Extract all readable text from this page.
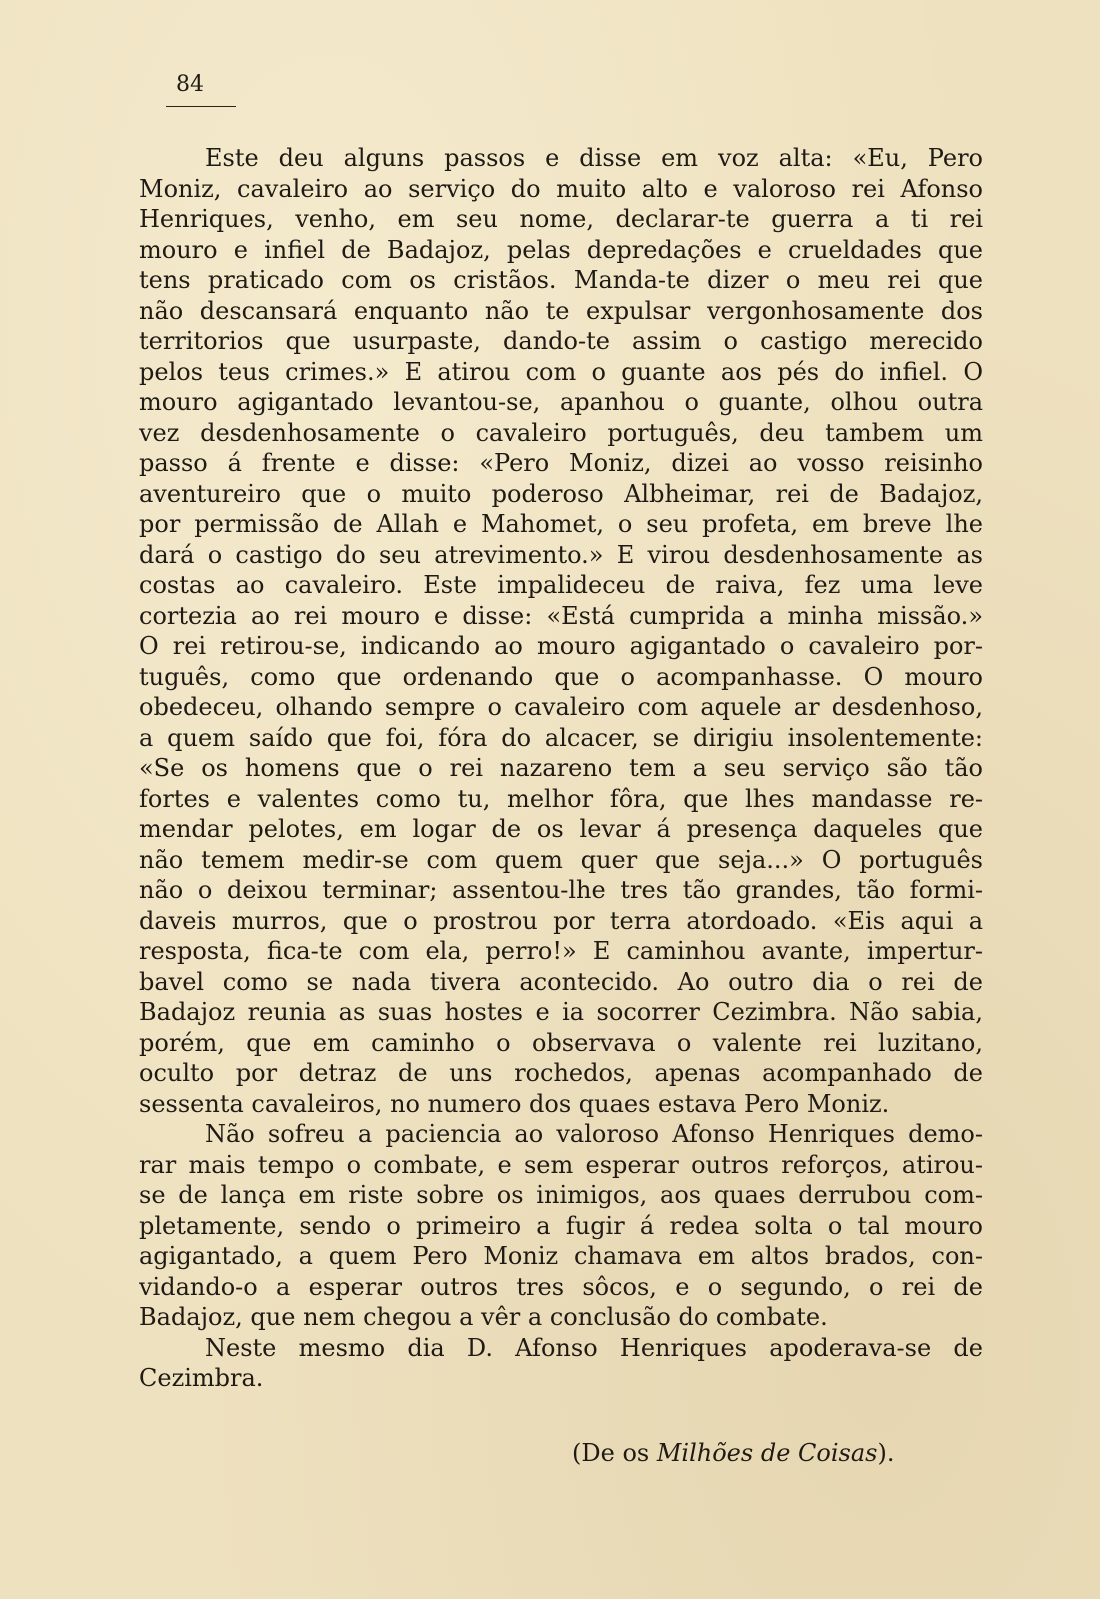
84
Este deu alguns passos e disse em voz alta: «Eu, Pero
Moniz, cavaleiro ao serviço do muito alto e valoroso rei Afonso
Henriques, venho, em seu nome, declarar-te guerra a ti rei
mouro e infiel de Badajoz, pelas depredações e crueldades que
tens praticado com os cristãos. Manda-te dizer o meu rei que
não descansará enquanto não te expulsar vergonhosamente dos
territorios que usurpaste, dando-te assim o castigo merecido
pelos teus crimes.» E atirou com o guante aos pés do infiel. O
mouro agigantado levantou-se, apanhou o guante, olhou outra
vez desdenhosamente o cavaleiro português, deu tambem um
passo á frente e disse: «Pero Moniz, dizei ao vosso reisinho
aventureiro que o muito poderoso Albheimar, rei de Badajoz,
por permissão de Allah e Mahomet, o seu profeta, em breve lhe
dará o castigo do seu atrevimento.» E virou desdenhosamente as
costas ao cavaleiro. Este impalideceu de raiva, fez uma leve
cortezia ao rei mouro e disse: «Está cumprida a minha missão.»
O rei retirou-se, indicando ao mouro agigantado o cavaleiro por-
tuguês, como que ordenando que o acompanhasse. O mouro
obedeceu, olhando sempre o cavaleiro com aquele ar desdenhoso,
a quem saído que foi, fóra do alcacer, se dirigiu insolentemente:
«Se os homens que o rei nazareno tem a seu serviço são tão
fortes e valentes como tu, melhor fôra, que lhes mandasse re-
mendar pelotes, em logar de os levar á presença daqueles que
não temem medir-se com quem quer que seja...» O português
não o deixou terminar; assentou-lhe tres tão grandes, tão formi-
daveis murros, que o prostrou por terra atordoado. «Eis aqui a
resposta, fica-te com ela, perro!» E caminhou avante, impertur-
bavel como se nada tivera acontecido. Ao outro dia o rei de
Badajoz reunia as suas hostes e ia socorrer Cezimbra. Não sabia,
porém, que em caminho o observava o valente rei luzitano,
oculto por detraz de uns rochedos, apenas acompanhado de
sessenta cavaleiros, no numero dos quaes estava Pero Moniz.
Não sofreu a paciencia ao valoroso Afonso Henriques demo-
rar mais tempo o combate, e sem esperar outros reforços, atirou-
se de lança em riste sobre os inimigos, aos quaes derrubou com-
pletamente, sendo o primeiro a fugir á redea solta o tal mouro
agigantado, a quem Pero Moniz chamava em altos brados, con-
vidando-o a esperar outros tres sôcos, e o segundo, o rei de
Badajoz, que nem chegou a vêr a conclusão do combate.
Neste mesmo dia D. Afonso Henriques apoderava-se de
Cezimbra.
(De os Milhões de Coisas).
